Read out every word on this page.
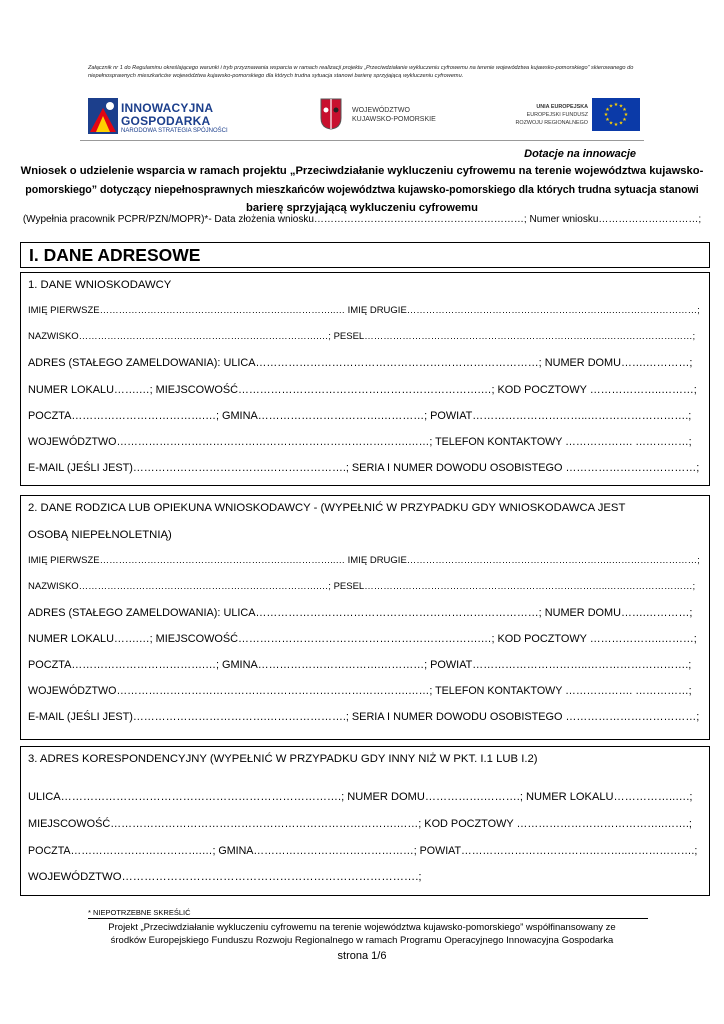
Załącznik nr 1 do Regulaminu określającego warunki i tryb przyznawania wsparcia w ramach realizacji projektu „Przeciwdziałanie wykluczeniu cyfrowemu na terenie województwa kujawsko-pomorskiego” skierowanego do niepełnosprawnych mieszkańców województwa kujawsko-pomorskiego dla których trudna sytuacja stanowi barierę sprzyjającą wykluczeniu cyfrowemu.
INNOWACYJNA
GOSPODARKA
NARODOWA STRATEGIA SPÓJNOŚCI
WOJEWÓDZTWO
KUJAWSKO-POMORSKIE
UNIA EUROPEJSKA
EUROPEJSKI FUNDUSZ
ROZWOJU REGIONALNEGO
★ ★
★
★
★
★
★
★
★
★
★
★
Dotacje na innowacje
Wniosek o udzielenie wsparcia w ramach projektu „Przeciwdziałanie wykluczeniu cyfrowemu na terenie województwa kujawsko-
pomorskiego” dotyczący niepełnosprawnych mieszkańców województwa kujawsko-pomorskiego dla których trudna sytuacja stanowi
barierę sprzyjającą wykluczeniu cyfrowemu
(Wypełnia pracownik PCPR/PZN/MOPR)*- Data złożenia wniosku………………………………………………………; Numer wniosku…………………………;
I. DANE ADRESOWE
1. DANE WNIOSKODAWCY
IMIĘ PIERWSZE…………………………………………………….…………..… IMIĘ DRUGIE………………………………………………………..………………………;
NAZWISKO………………………………………………………………….…; PESEL…………………………………………………………………..………………………;
ADRES (STAŁEGO ZAMELDOWANIA): ULICA……………………………………………………………………; NUMER DOMU…….…………;
NUMER LOKALU…….…; MIEJSCOWOŚĆ………………………………………………………….…; KOD POCZTOWY ………………..………;
POCZTA……………………………….…; GMINA…………………………….…………; POWIAT…………………………..……………………….;
WOJEWÓDZTWO……………………………………………………………………….……; TELEFON KONTAKTOWY ………………. ……………;
E-MAIL (JEŚLI JEST)……………………………….………………….; SERIA I NUMER DOWODU OSOBISTEGO ………………………………;
2. DANE RODZICA LUB OPIEKUNA WNIOSKODAWCY - (WYPEŁNIĆ W PRZYPADKU GDY WNIOSKODAWCA JEST
OSOBĄ NIEPEŁNOLETNIĄ)
IMIĘ PIERWSZE…………………………………………………….…………..… IMIĘ DRUGIE………………………………………………………..………………………;
NAZWISKO………………………………………………………………….…; PESEL…………………………………………………………………..………………………;
ADRES (STAŁEGO ZAMELDOWANIA): ULICA……………………………………………………………………; NUMER DOMU…….…………;
NUMER LOKALU…….…; MIEJSCOWOŚĆ………………………………………………………….…; KOD POCZTOWY ………………..………;
POCZTA……………………………….…; GMINA…………………………….…………; POWIAT…………………………..……………………….;
WOJEWÓDZTWO……………………………………………………………………….……; TELEFON KONTAKTOWY ………………. ……………;
E-MAIL (JEŚLI JEST)……………………………….………………….; SERIA I NUMER DOWODU OSOBISTEGO ………………………………;
3. ADRES KORESPONDENCYJNY (WYPEŁNIĆ W PRZYPADKU GDY INNY NIŻ W PKT. I.1 LUB I.2)
ULICA………………………………………………………………….; NUMER DOMU…………….……….; NUMER LOKALU……………..….;
MIEJSCOWOŚĆ…………………………………………………………………….……; KOD POCZTOWY …………………………………..…….;
POCZTA……………………………….…; GMINA………………………………………; POWIAT………………………………………..……………….;
WOJEWÓDZTWO…………………………………………………………………….;
* NIEPOTRZEBNE SKREŚLIĆ
Projekt „Przeciwdziałanie wykluczeniu cyfrowemu na terenie województwa kujawsko-pomorskiego” współfinansowany ze
środków Europejskiego Funduszu Rozwoju Regionalnego w ramach Programu Operacyjnego Innowacyjna Gospodarka
strona 1/6
